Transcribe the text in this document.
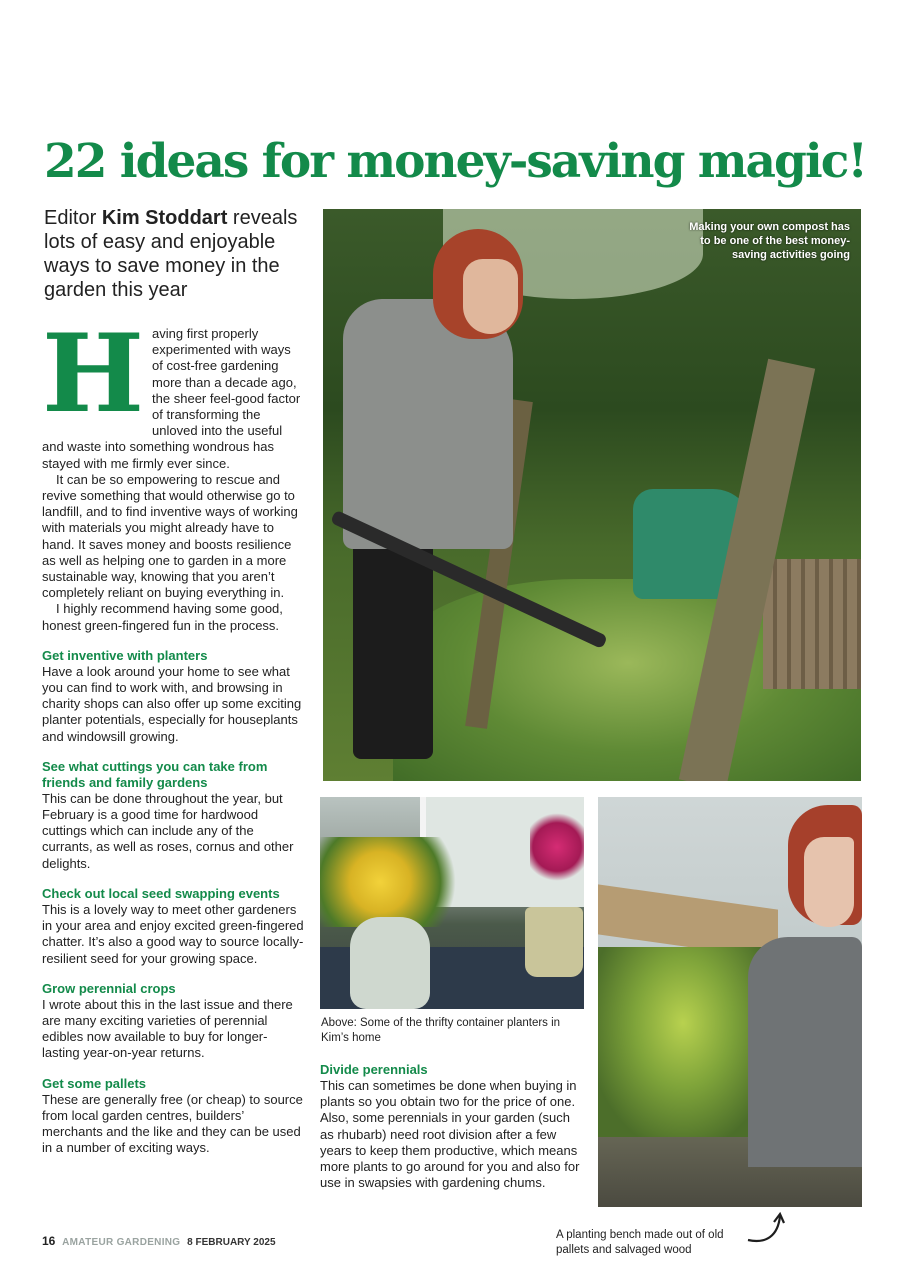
22 ideas for money-saving magic!

Editor Kim Stoddart reveals lots of easy and enjoyable ways to save money in the garden this year

Having first properly experimented with ways of cost-free gardening more than a decade ago, the sheer feel-good factor of transforming the unloved into the useful and waste into something wondrous has stayed with me firmly ever since.

It can be so empowering to rescue and revive something that would otherwise go to landfill, and to find inventive ways of working with materials you might already have to hand. It saves money and boosts resilience as well as helping one to garden in a more sustainable way, knowing that you aren’t completely reliant on buying everything in.

I highly recommend having some good, honest green-fingered fun in the process.

Get inventive with planters

Have a look around your home to see what you can find to work with, and browsing in charity shops can also offer up some exciting planter potentials, especially for houseplants and windowsill growing.

See what cuttings you can take from friends and family gardens

This can be done throughout the year, but February is a good time for hardwood cuttings which can include any of the currants, as well as roses, cornus and other delights.

Check out local seed swapping events

This is a lovely way to meet other gardeners in your area and enjoy excited green-fingered chatter. It’s also a good way to source locally-resilient seed for your growing space.

Grow perennial crops

I wrote about this in the last issue and there are many exciting varieties of perennial edibles now available to buy for longer-lasting year-on-year returns.

Get some pallets

These are generally free (or cheap) to source from local garden centres, builders’ merchants and the like and they can be used in a number of exciting ways.

Making your own compost has to be one of the best money-saving activities going
Above: Some of the thrifty container planters in Kim’s home

Divide perennials

This can sometimes be done when buying in plants so you obtain two for the price of one. Also, some perennials in your garden (such as rhubarb) need root division after a few years to keep them productive, which means more plants to go around for you and also for use in swapsies with gardening chums.

A planting bench made out of old pallets and salvaged wood
16 AMATEUR GARDENING 8 FEBRUARY 2025
